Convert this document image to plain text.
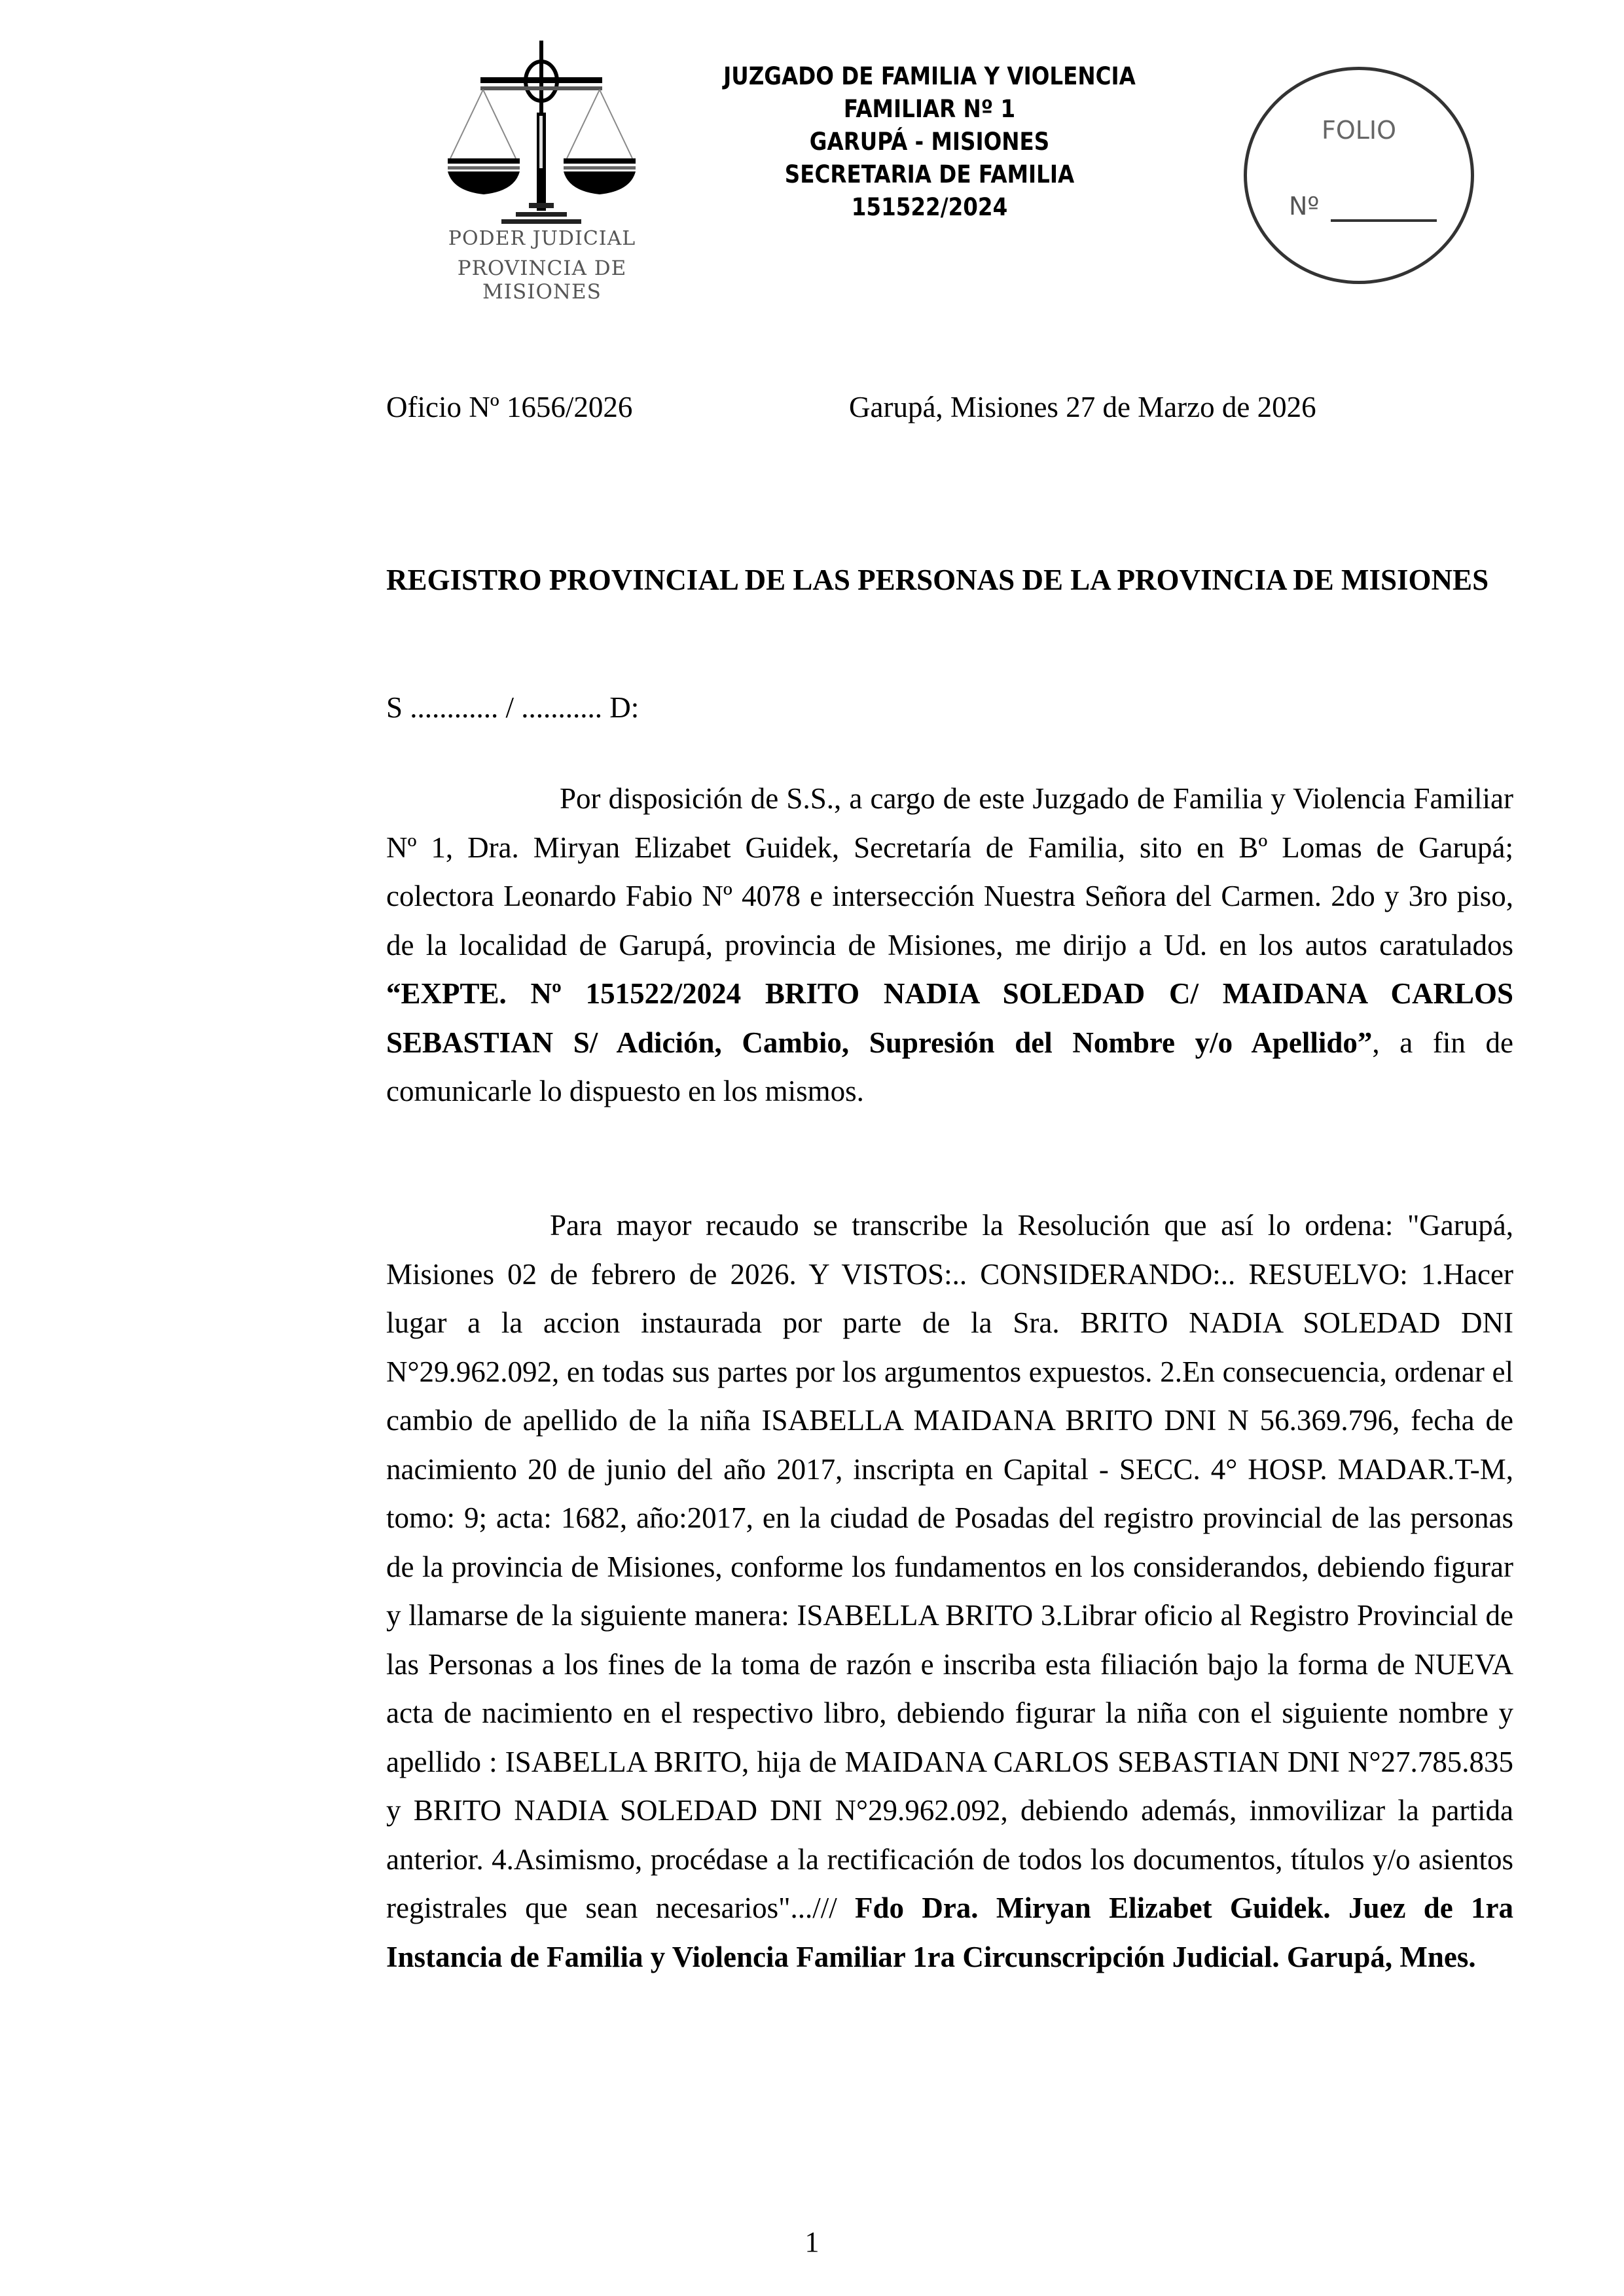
PODER JUDICIAL
PROVINCIA DE MISIONES
JUZGADO DE FAMILIA Y VIOLENCIA
FAMILIAR Nº 1
GARUPÁ - MISIONES
SECRETARIA DE FAMILIA
151522/2024
FOLIO
Nº
Oficio Nº 1656/2026	Garupá, Misiones 27 de Marzo de 2026
REGISTRO PROVINCIAL DE LAS PERSONAS DE LA PROVINCIA DE MISIONES
S ............ / ........... D:
Por disposición de S.S., a cargo de este Juzgado de Familia y Violencia Familiar Nº 1, Dra. Miryan Elizabet Guidek, Secretaría de Familia, sito en Bº Lomas de Garupá; colectora Leonardo Fabio Nº 4078 e intersección Nuestra Señora del Carmen. 2do y 3ro piso, de la localidad de Garupá, provincia de Misiones, me dirijo a Ud. en los autos caratulados “EXPTE. Nº 151522/2024 BRITO NADIA SOLEDAD C/ MAIDANA CARLOS SEBASTIAN S/ Adición, Cambio, Supresión del Nombre y/o Apellido”, a fin de comunicarle lo dispuesto en los mismos.
Para mayor recaudo se transcribe la Resolución que así lo ordena: "Garupá, Misiones 02 de febrero de 2026. Y VISTOS:.. CONSIDERANDO:.. RESUELVO: 1.Hacer lugar a la accion instaurada por parte de la Sra. BRITO NADIA SOLEDAD DNI N°29.962.092, en todas sus partes por los argumentos expuestos. 2.En consecuencia, ordenar el cambio de apellido de la niña ISABELLA MAIDANA BRITO DNI N 56.369.796, fecha de nacimiento 20 de junio del año 2017, inscripta en Capital - SECC. 4° HOSP. MADAR.T-M, tomo: 9; acta: 1682, año:2017, en la ciudad de Posadas del registro provincial de las personas de la provincia de Misiones, conforme los fundamentos en los considerandos, debiendo figurar y llamarse de la siguiente manera: ISABELLA BRITO 3.Librar oficio al Registro Provincial de las Personas a los fines de la toma de razón e inscriba esta filiación bajo la forma de NUEVA acta de nacimiento en el respectivo libro, debiendo figurar la niña con el siguiente nombre y apellido : ISABELLA BRITO, hija de MAIDANA CARLOS SEBASTIAN DNI N°27.785.835 y BRITO NADIA SOLEDAD DNI N°29.962.092, debiendo además, inmovilizar la partida anterior. 4.Asimismo, procédase a la rectificación de todos los documentos, títulos y/o asientos registrales que sean necesarios".../// Fdo Dra. Miryan Elizabet Guidek. Juez de 1ra Instancia de Familia y Violencia Familiar 1ra Circunscripción Judicial. Garupá, Mnes.
1
